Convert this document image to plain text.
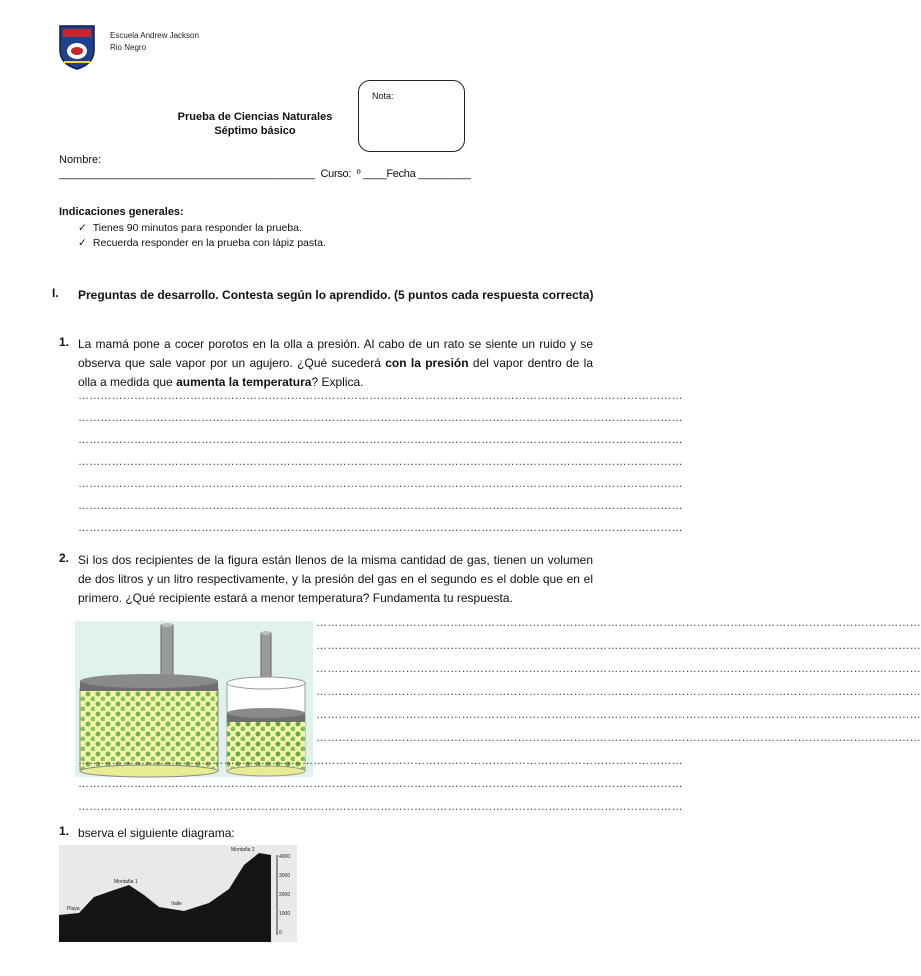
Escuela Andrew Jackson
Rio Negro
Nota:
Prueba de Ciencias Naturales
Séptimo básico
Nombre:
____________________________________________  Curso:  º ____Fecha _________
Indicaciones generales:
✓ Tienes 90 minutos para responder la prueba.
✓ Recuerda responder en la prueba con lápiz pasta.
I. Preguntas de desarrollo. Contesta según lo aprendido. (5 puntos cada respuesta correcta)
1. La mamá pone a cocer porotos en la olla a presión. Al cabo de un rato se siente un ruido y se observa que sale vapor por un agujero. ¿Qué sucederá con la presión del vapor dentro de la olla a medida que aumenta la temperatura? Explica.
………………………………………………………………………………………………………………………………………………
………………………………………………………………………………………………………………………………………………
………………………………………………………………………………………………………………………………………………
………………………………………………………………………………………………………………………………………………
………………………………………………………………………………………………………………………………………………
………………………………………………………………………………………………………………………………………………
………………………………………………………………………………………………………………………………………………
2. Si los dos recipientes de la figura están llenos de la misma cantidad de gas, tienen un volumen de dos litros y un litro respectivamente, y la presión del gas en el segundo es el doble que en el primero. ¿Qué recipiente estará a menor temperatura? Fundamenta tu respuesta.
………………………………………………………………………………………………………………………………………………
………………………………………………………………………………………………………………………………………………
………………………………………………………………………………………………………………………………………………
………………………………………………………………………………………………………………………………………………
………………………………………………………………………………………………………………………………………………
………………………………………………………………………………………………………………………………………………
………………………………………………………………………………………………………………………………………………
………………………………………………………………………………………………………………………………………………
………………………………………………………………………………………………………………………………………………
1. bserva el siguiente diagrama:
Playa
Montaña 1
Valle
Montaña 2
4000
3000
2000
1000
0
